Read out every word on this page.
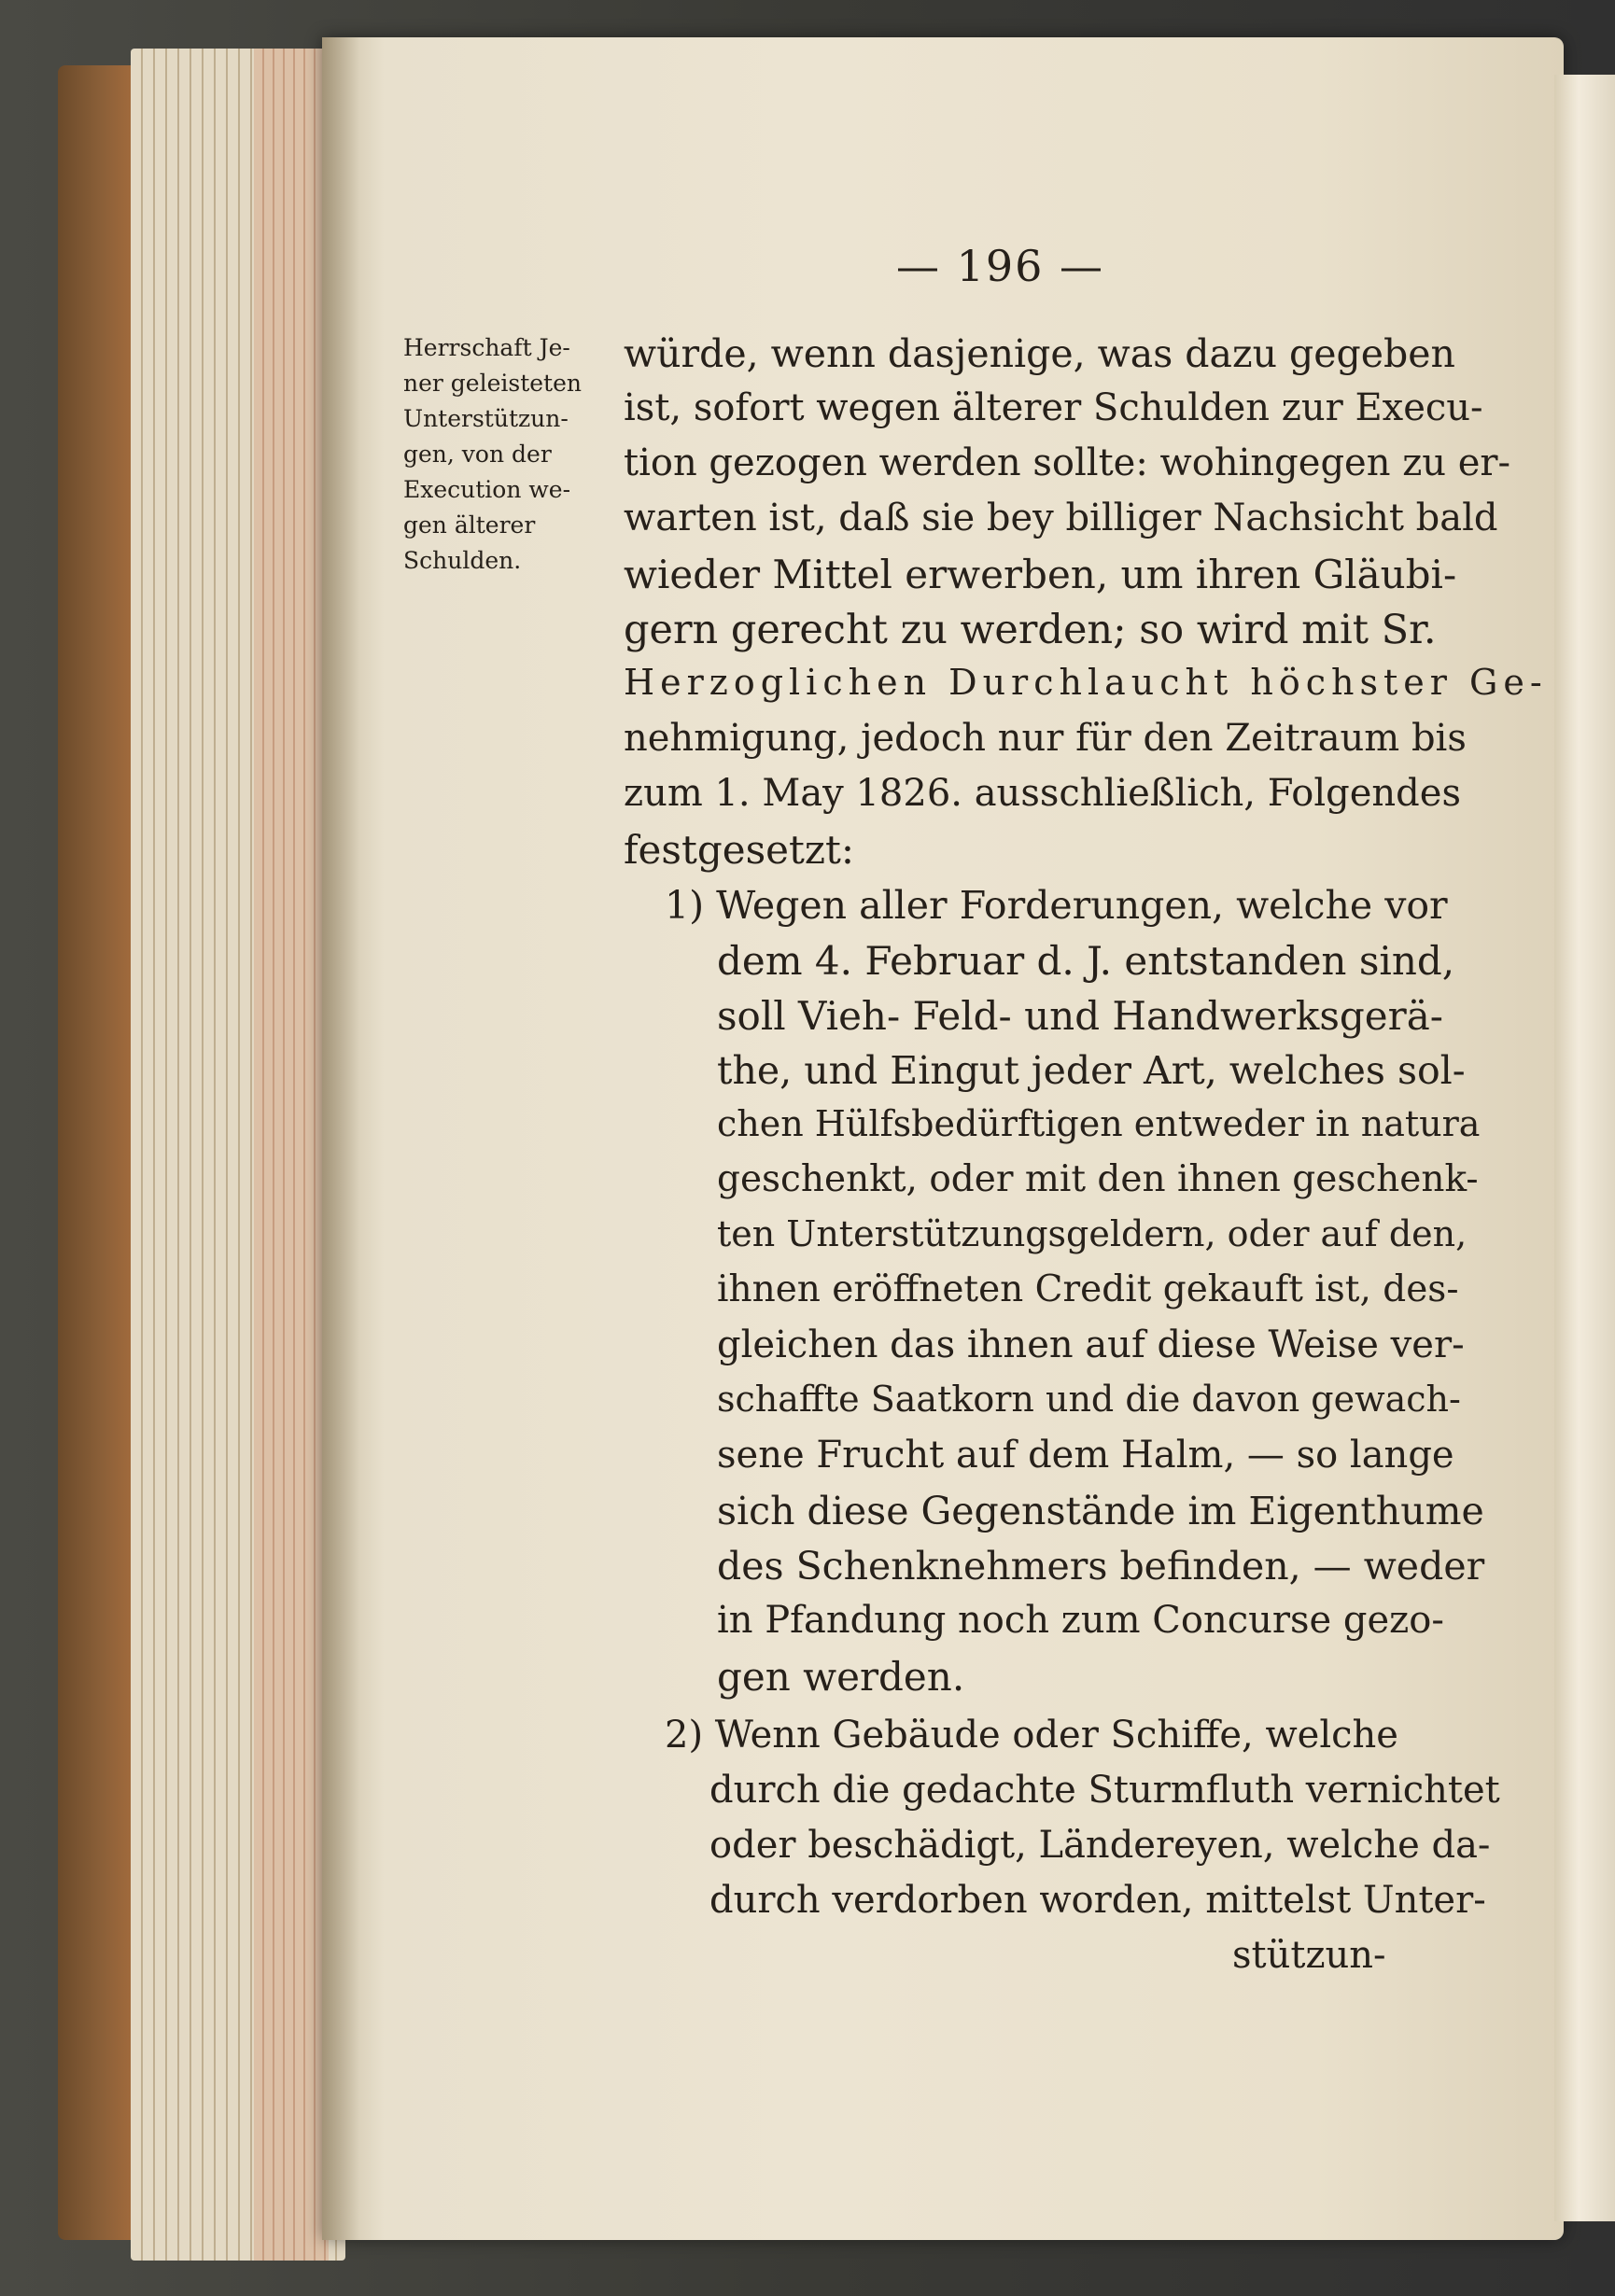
— 196 —
Herrschaft Je-
ner geleisteten
Unterstützun-
gen, von der
Execution we-
gen älterer
Schulden.
würde, wenn dasjenige, was dazu gegeben
ist, sofort wegen älterer Schulden zur Execu-
tion gezogen werden sollte: wohingegen zu er-
warten ist, daß sie bey billiger Nachsicht bald
wieder Mittel erwerben, um ihren Gläubi-
gern gerecht zu werden; so wird mit Sr.
Herzoglichen Durchlaucht höchster Ge-
nehmigung, jedoch nur für den Zeitraum bis
zum 1. May 1826. ausschließlich, Folgendes
festgesetzt:
1) Wegen aller Forderungen, welche vor
dem 4. Februar d. J. entstanden sind,
soll Vieh- Feld- und Handwerksgerä-
the, und Eingut jeder Art, welches sol-
chen Hülfsbedürftigen entweder in natura
geschenkt, oder mit den ihnen geschenk-
ten Unterstützungsgeldern, oder auf den,
ihnen eröffneten Credit gekauft ist, des-
gleichen das ihnen auf diese Weise ver-
schaffte Saatkorn und die davon gewach-
sene Frucht auf dem Halm, — so lange
sich diese Gegenstände im Eigenthume
des Schenknehmers befinden, — weder
in Pfandung noch zum Concurse gezo-
gen werden.
2) Wenn Gebäude oder Schiffe, welche
durch die gedachte Sturmfluth vernichtet
oder beschädigt, Ländereyen, welche da-
durch verdorben worden, mittelst Unter-
stützun-
